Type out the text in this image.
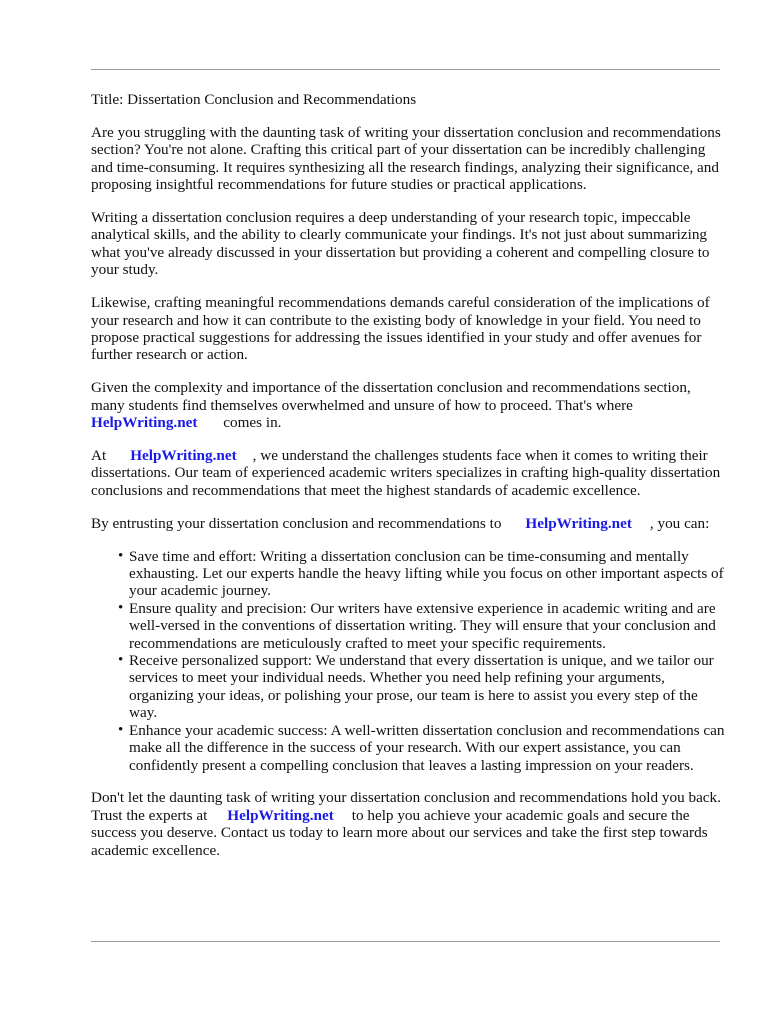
Title: Dissertation Conclusion and Recommendations

Are you struggling with the daunting task of writing your dissertation conclusion and recommendations section? You're not alone. Crafting this critical part of your dissertation can be incredibly challenging and time-consuming. It requires synthesizing all the research findings, analyzing their significance, and proposing insightful recommendations for future studies or practical applications.

Writing a dissertation conclusion requires a deep understanding of your research topic, impeccable analytical skills, and the ability to clearly communicate your findings. It's not just about summarizing what you've already discussed in your dissertation but providing a coherent and compelling closure to your study.

Likewise, crafting meaningful recommendations demands careful consideration of the implications of your research and how it can contribute to the existing body of knowledge in your field. You need to propose practical suggestions for addressing the issues identified in your study and offer avenues for further research or action.

Given the complexity and importance of the dissertation conclusion and recommendations section, many students find themselves overwhelmed and unsure of how to proceed. That's where
HelpWriting.net comes in.

At HelpWriting.net , we understand the challenges students face when it comes to writing their dissertations. Our team of experienced academic writers specializes in crafting high-quality dissertation conclusions and recommendations that meet the highest standards of academic excellence.

By entrusting your dissertation conclusion and recommendations to HelpWriting.net , you can:

• Save time and effort: Writing a dissertation conclusion can be time-consuming and mentally exhausting. Let our experts handle the heavy lifting while you focus on other important aspects of your academic journey.
• Ensure quality and precision: Our writers have extensive experience in academic writing and are well-versed in the conventions of dissertation writing. They will ensure that your conclusion and recommendations are meticulously crafted to meet your specific requirements.
• Receive personalized support: We understand that every dissertation is unique, and we tailor our services to meet your individual needs. Whether you need help refining your arguments, organizing your ideas, or polishing your prose, our team is here to assist you every step of the way.
• Enhance your academic success: A well-written dissertation conclusion and recommendations can make all the difference in the success of your research. With our expert assistance, you can confidently present a compelling conclusion that leaves a lasting impression on your readers.

Don't let the daunting task of writing your dissertation conclusion and recommendations hold you back. Trust the experts at HelpWriting.net to help you achieve your academic goals and secure the success you deserve. Contact us today to learn more about our services and take the first step towards academic excellence.
